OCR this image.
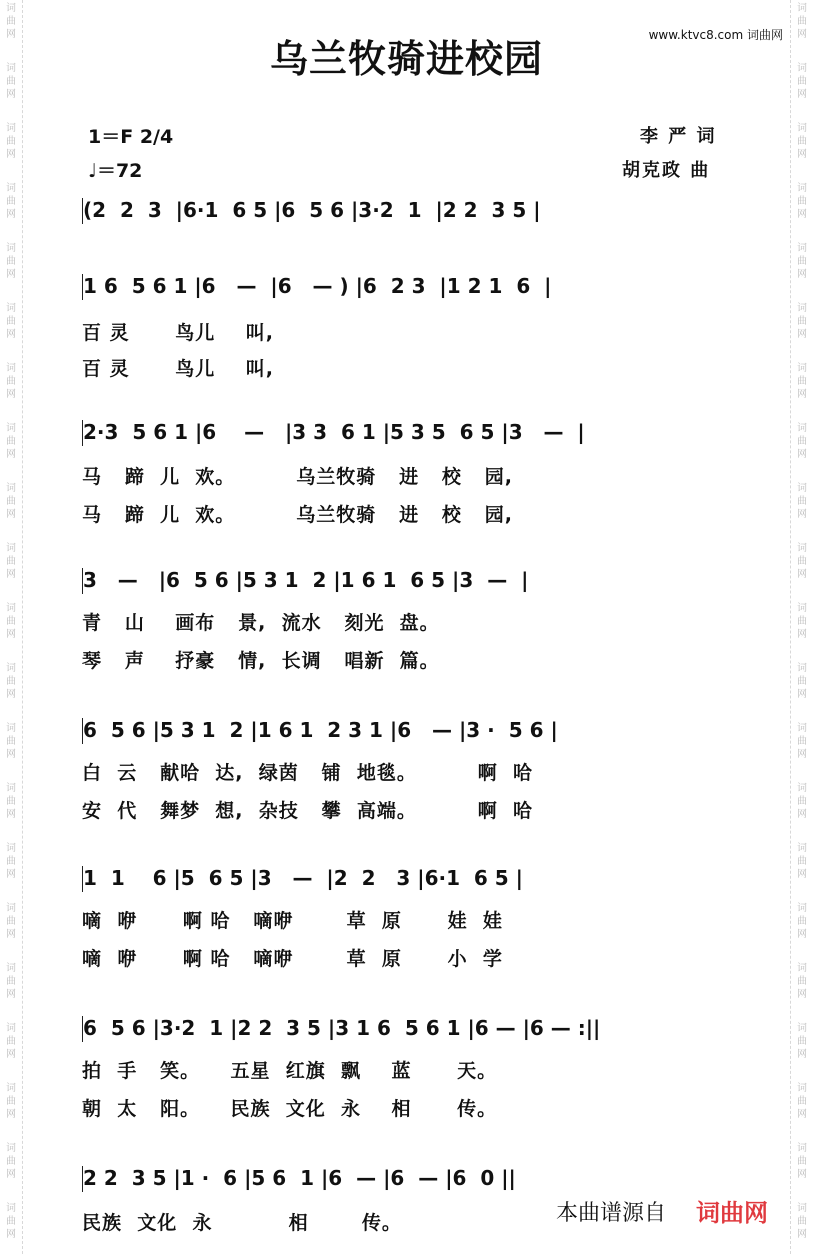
词曲网
词曲网
词曲网
词曲网
词曲网
词曲网
词曲网
词曲网
词曲网
词曲网
词曲网
词曲网
词曲网
词曲网
词曲网
词曲网
词曲网
词曲网
词曲网
词曲网
词曲网
词曲网
词曲网
词曲网
词曲网
词曲网
词曲网
词曲网
词曲网
词曲网
词曲网
词曲网
词曲网
词曲网
词曲网
词曲网
词曲网
词曲网
词曲网
词曲网
词曲网
词曲网
乌兰牧骑进校园
www.ktvc8.com 词曲网
1＝F 2/4
♩＝72
李 严 词
胡克政 曲
(2  2  3  |6·1  6 5 |6  5 6 |3·2  1  |2 2  3 5 |
1 6  5 6 1 |6   —  |6   — ) |6  2 3  |1 2 1  6  |
百 灵      鸟儿    叫,
百 灵      鸟儿    叫,
2·3  5 6 1 |6    —   |3 3  6 1 |5 3 5  6 5 |3   —  |
马   蹄  儿  欢。        乌兰牧骑   进   校   园,
马   蹄  儿  欢。        乌兰牧骑   进   校   园,
3   —   |6  5 6 |5 3 1  2 |1 6 1  6 5 |3  —  |
青   山    画布   景,  流水   刻光  盘。
琴   声    抒豪   情,  长调   唱新  篇。
6  5 6 |5 3 1  2 |1 6 1  2 3 1 |6   — |3 ·  5 6 |
白  云   献哈  达,  绿茵   铺  地毯。        啊  哈
安  代   舞梦  想,  杂技   攀  高端。        啊  哈
1  1    6 |5  6 5 |3   —  |2  2   3 |6·1  6 5 |
嘀  咿      啊 哈   嘀咿       草  原      娃  娃
嘀  咿      啊 哈   嘀咿       草  原      小  学
6  5 6 |3·2  1 |2 2  3 5 |3 1 6  5 6 1 |6 — |6 — :||
拍  手   笑。    五星  红旗  飘    蓝      天。
朝  太   阳。    民族  文化  永    相      传。
2 2  3 5 |1 ·  6 |5 6  1 |6  — |6  — |6  0 ||
民族  文化  永          相       传。	本曲谱源自 词曲网
